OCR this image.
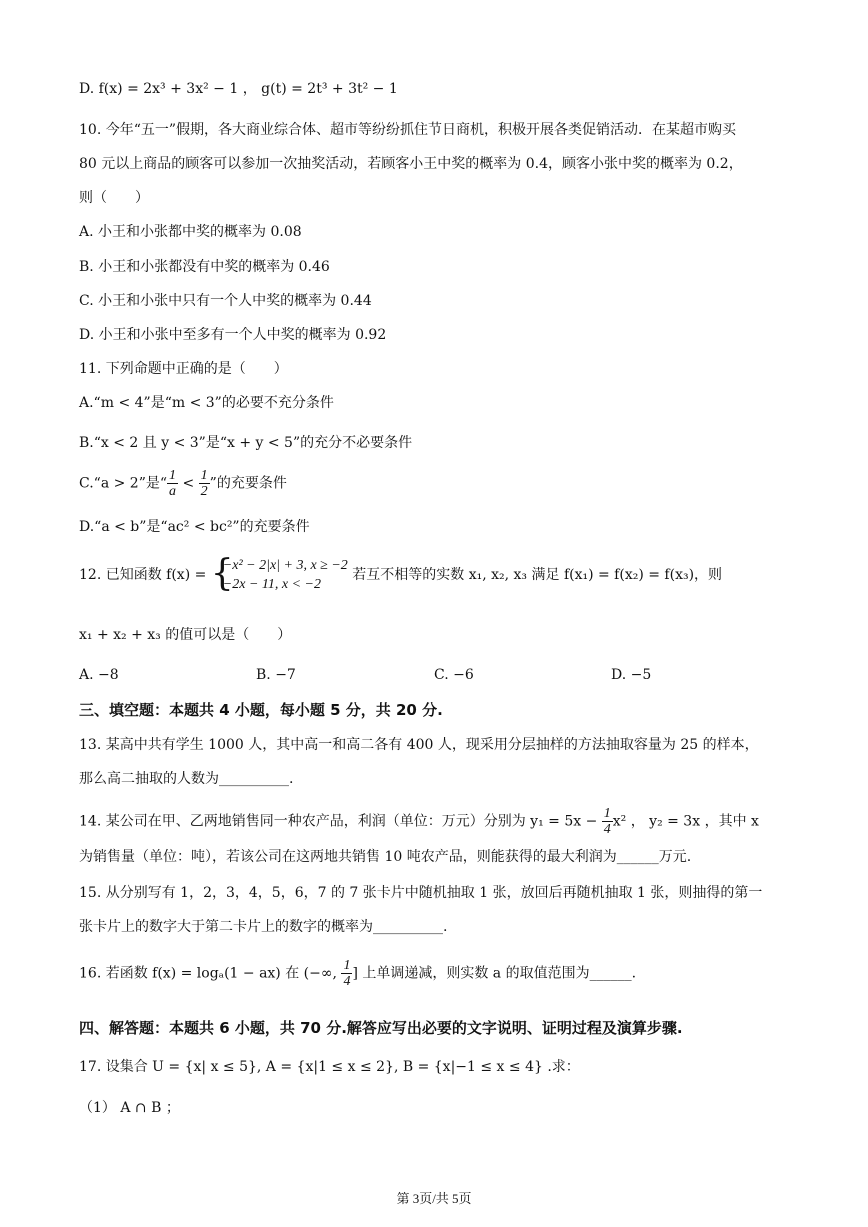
D. f(x) = 2x³ + 3x² − 1 ， g(t) = 2t³ + 3t² − 1
10. 今年“五一”假期，各大商业综合体、超市等纷纷抓住节日商机，积极开展各类促销活动．在某超市购买
80 元以上商品的顾客可以参加一次抽奖活动，若顾客小王中奖的概率为 0.4，顾客小张中奖的概率为 0.2，
则（　　）
A. 小王和小张都中奖的概率为 0.08
B. 小王和小张都没有中奖的概率为 0.46
C. 小王和小张中只有一个人中奖的概率为 0.44
D. 小王和小张中至多有一个人中奖的概率为 0.92
11. 下列命题中正确的是（　　）
A.“m < 4”是“m < 3”的必要不充分条件
B.“x < 2 且 y < 3”是“x + y < 5”的充分不必要条件
C.“a > 2”是“ $\frac{1}{a} < \frac{1}{2}$ ”的充要条件
D.“a < b”是“ac² < bc²”的充要条件
12. 已知函数 f(x) = {
−x² − 2|x| + 3, x ≥ −2
−2x − 11, x < −2
若互不相等的实数 x₁, x₂, x₃ 满足 f(x₁) = f(x₂) = f(x₃)，则
x₁ + x₂ + x₃ 的值可以是（　　）
A. −8	B. −7	C. −6	D. −5
三、填空题：本题共 4 小题，每小题 5 分，共 20 分.
13. 某高中共有学生 1000 人，其中高一和高二各有 400 人，现采用分层抽样的方法抽取容量为 25 的样本，
那么高二抽取的人数为__________.
14. 某公司在甲、乙两地销售同一种农产品，利润（单位：万元）分别为 $y_1 = 5x - \frac{1}{4} x^2$ ， y₂ = 3x ，其中 x
为销售量（单位：吨），若该公司在这两地共销售 10 吨农产品，则能获得的最大利润为______万元.
15. 从分别写有 1，2，3，4，5，6，7 的 7 张卡片中随机抽取 1 张，放回后再随机抽取 1 张，则抽得的第一
张卡片上的数字大于第二卡片上的数字的概率为__________.
16. 若函数 f(x) = logₐ(1 − ax) 在 (−∞, $\frac{1}{4}$ ] 上单调递减，则实数 a 的取值范围为______.
四、解答题：本题共 6 小题，共 70 分.解答应写出必要的文字说明、证明过程及演算步骤.
17. 设集合 U = {x| x ≤ 5}, A = {x|1 ≤ x ≤ 2}, B = {x|−1 ≤ x ≤ 4} .求：
（1） A ∩ B ；
第 3页/共 5页
